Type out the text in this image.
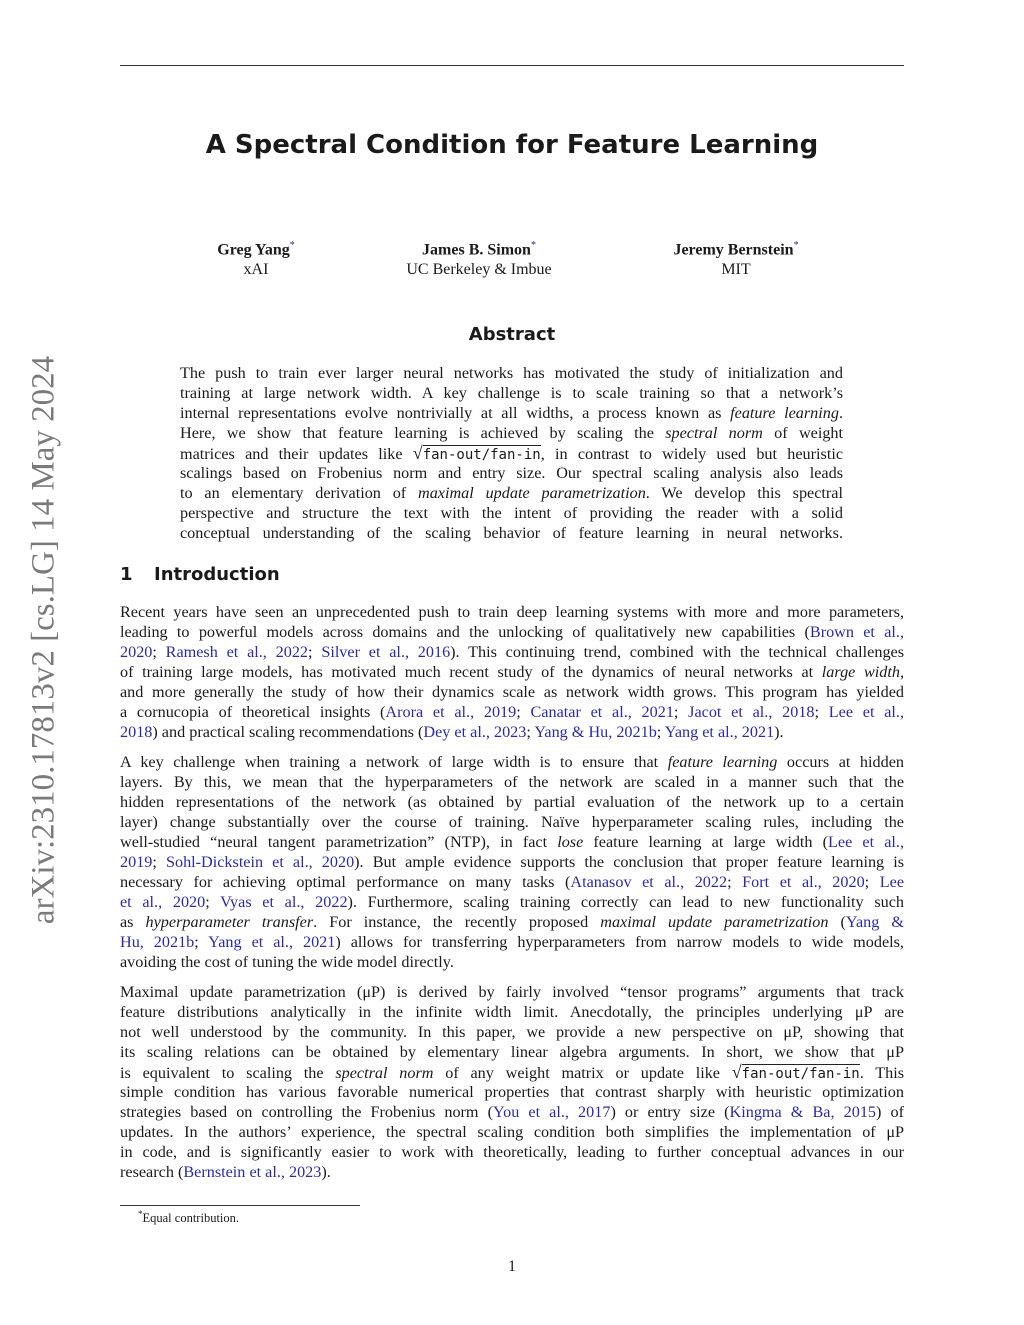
arXiv:2310.17813v2 [cs.LG] 14 May 2024
A Spectral Condition for Feature Learning
Greg Yang*
xAI
James B. Simon*
UC Berkeley & Imbue
Jeremy Bernstein*
MIT
Abstract
The push to train ever larger neural networks has motivated the study of initialization and
training at large network width. A key challenge is to scale training so that a network’s
internal representations evolve nontrivially at all widths, a process known as feature learning.
Here, we show that feature learning is achieved by scaling the spectral norm of weight
matrices and their updates like √fan-out/fan-in, in contrast to widely used but heuristic
scalings based on Frobenius norm and entry size. Our spectral scaling analysis also leads
to an elementary derivation of maximal update parametrization. We develop this spectral
perspective and structure the text with the intent of providing the reader with a solid
conceptual understanding of the scaling behavior of feature learning in neural networks.
1 Introduction
Recent years have seen an unprecedented push to train deep learning systems with more and more parameters,
leading to powerful models across domains and the unlocking of qualitatively new capabilities (Brown et al.,
2020; Ramesh et al., 2022; Silver et al., 2016). This continuing trend, combined with the technical challenges
of training large models, has motivated much recent study of the dynamics of neural networks at large width,
and more generally the study of how their dynamics scale as network width grows. This program has yielded
a cornucopia of theoretical insights (Arora et al., 2019; Canatar et al., 2021; Jacot et al., 2018; Lee et al.,
2018) and practical scaling recommendations (Dey et al., 2023; Yang & Hu, 2021b; Yang et al., 2021).
A key challenge when training a network of large width is to ensure that feature learning occurs at hidden
layers. By this, we mean that the hyperparameters of the network are scaled in a manner such that the
hidden representations of the network (as obtained by partial evaluation of the network up to a certain
layer) change substantially over the course of training. Naïve hyperparameter scaling rules, including the
well-studied “neural tangent parametrization” (NTP), in fact lose feature learning at large width (Lee et al.,
2019; Sohl-Dickstein et al., 2020). But ample evidence supports the conclusion that proper feature learning is
necessary for achieving optimal performance on many tasks (Atanasov et al., 2022; Fort et al., 2020; Lee
et al., 2020; Vyas et al., 2022). Furthermore, scaling training correctly can lead to new functionality such
as hyperparameter transfer. For instance, the recently proposed maximal update parametrization (Yang &
Hu, 2021b; Yang et al., 2021) allows for transferring hyperparameters from narrow models to wide models,
avoiding the cost of tuning the wide model directly.
Maximal update parametrization (μP) is derived by fairly involved “tensor programs” arguments that track
feature distributions analytically in the infinite width limit. Anecdotally, the principles underlying μP are
not well understood by the community. In this paper, we provide a new perspective on μP, showing that
its scaling relations can be obtained by elementary linear algebra arguments. In short, we show that μP
is equivalent to scaling the spectral norm of any weight matrix or update like √fan-out/fan-in. This
simple condition has various favorable numerical properties that contrast sharply with heuristic optimization
strategies based on controlling the Frobenius norm (You et al., 2017) or entry size (Kingma & Ba, 2015) of
updates. In the authors’ experience, the spectral scaling condition both simplifies the implementation of μP
in code, and is significantly easier to work with theoretically, leading to further conceptual advances in our
research (Bernstein et al., 2023).
*Equal contribution.
1
